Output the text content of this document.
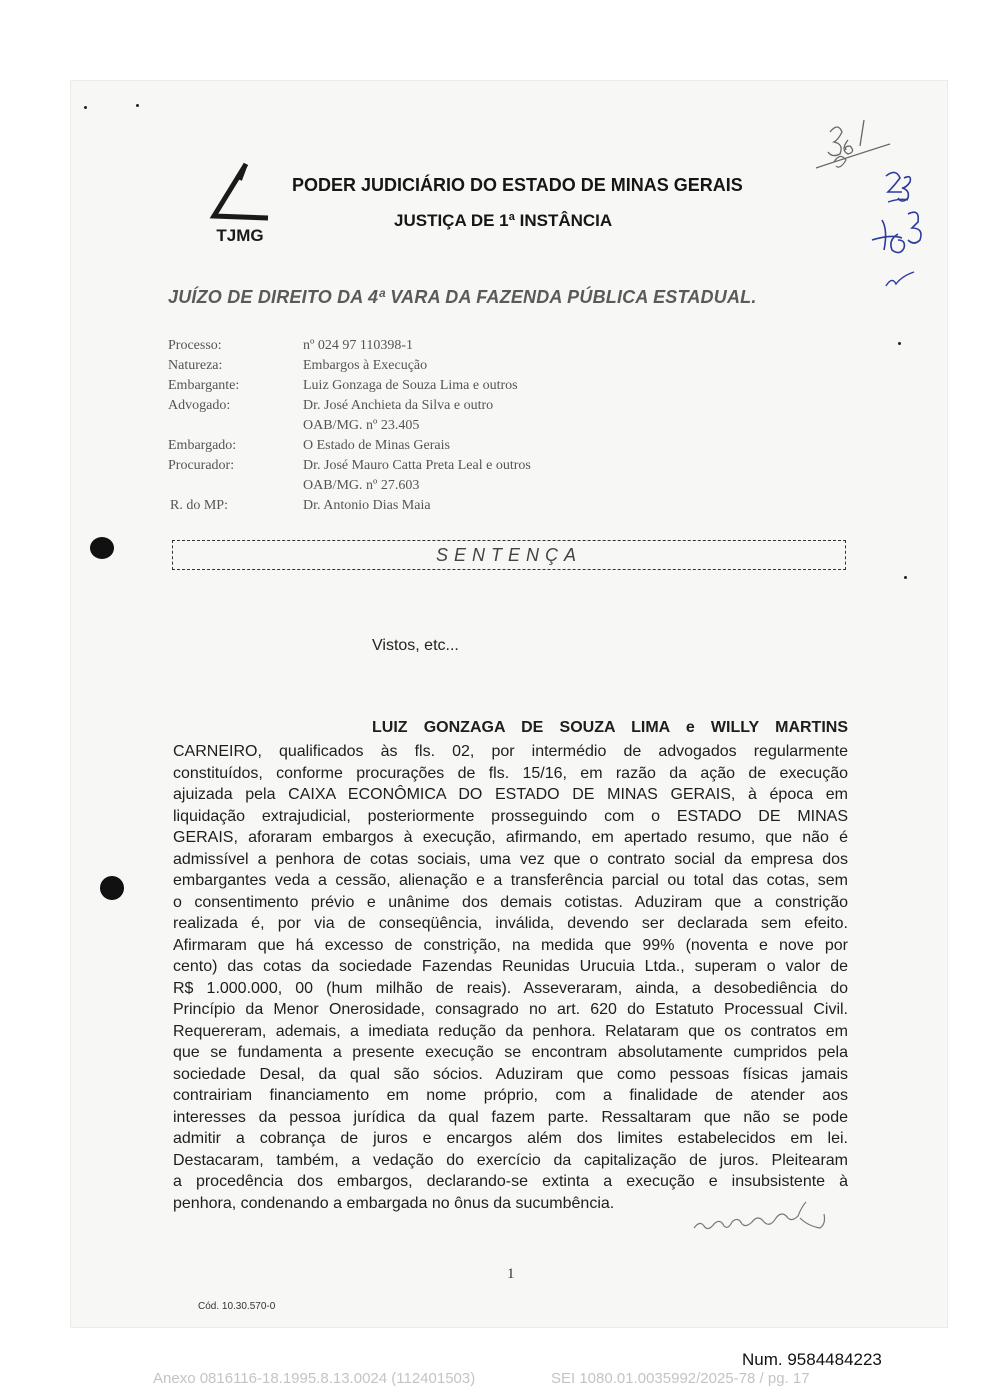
TJMG
PODER JUDICIÁRIO DO ESTADO DE MINAS GERAIS
JUSTIÇA DE 1ª INSTÂNCIA
JUÍZO DE DIREITO DA 4ª VARA DA FAZENDA PÚBLICA ESTADUAL.
Processo:
Natureza:
Embargante:
Advogado:
Embargado:
Procurador:
R. do MP:
nº 024 97 110398-1
Embargos à Execução
Luiz Gonzaga de Souza Lima e outros
Dr. José Anchieta da Silva e outro
OAB/MG. nº 23.405
O Estado de Minas Gerais
Dr. José Mauro Catta Preta Leal e outros
OAB/MG. nº 27.603
Dr. Antonio Dias Maia
SENTENÇA
Vistos, etc...
LUIZ GONZAGA DE SOUZA LIMA e WILLY MARTINS
CARNEIRO, qualificados às fls. 02, por intermédio de advogados regularmente
constituídos, conforme procurações de fls. 15/16, em razão da ação de execução
ajuizada pela CAIXA ECONÔMICA DO ESTADO DE MINAS GERAIS, à época em
liquidação extrajudicial, posteriormente prosseguindo com o ESTADO DE MINAS
GERAIS, aforaram embargos à execução, afirmando, em apertado resumo, que não é
admissível a penhora de cotas sociais, uma vez que o contrato social da empresa dos
embargantes veda a cessão, alienação e a transferência parcial ou total das cotas, sem
o consentimento prévio e unânime dos demais cotistas. Aduziram que a constrição
realizada é, por via de conseqüência, inválida, devendo ser declarada sem efeito.
Afirmaram que há excesso de constrição, na medida que 99% (noventa e nove por
cento) das cotas da sociedade Fazendas Reunidas Urucuia Ltda., superam o valor de
R$ 1.000.000, 00 (hum milhão de reais). Asseveraram, ainda, a desobediência do
Princípio da Menor Onerosidade, consagrado no art. 620 do Estatuto Processual Civil.
Requereram, ademais, a imediata redução da penhora. Relataram que os contratos em
que se fundamenta a presente execução se encontram absolutamente cumpridos pela
sociedade Desal, da qual são sócios. Aduziram que como pessoas físicas jamais
contrairiam financiamento em nome próprio, com a finalidade de atender aos
interesses da pessoa jurídica da qual fazem parte. Ressaltaram que não se pode
admitir a cobrança de juros e encargos além dos limites estabelecidos em lei.
Destacaram, também, a vedação do exercício da capitalização de juros. Pleitearam
a procedência dos embargos, declarando-se extinta a execução e insubsistente à
penhora, condenando a embargada no ônus da sucumbência.
1
Cód. 10.30.570-0
Num. 9584484223
Anexo 0816116-18.1995.8.13.0024 (112401503)	SEI 1080.01.0035992/2025-78 / pg. 17
